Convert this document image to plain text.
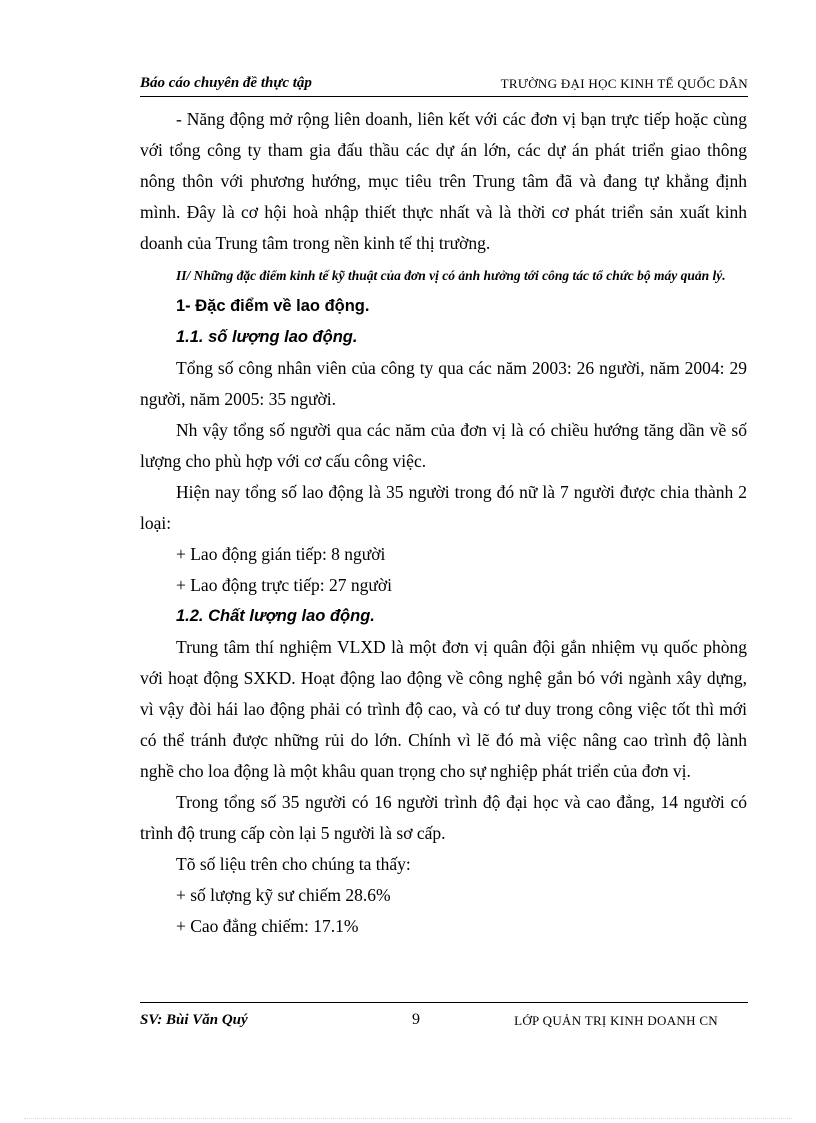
Báo cáo chuyên đề thực tập	TRƯỜNG ĐẠI HỌC KINH TẾ QUỐC DÂN

- Năng động mở rộng liên doanh, liên kết với các đơn vị bạn trực tiếp hoặc cùng với tổng công ty tham gia đấu thầu các dự án lớn, các dự án phát triển giao thông nông thôn với phương hướng, mục tiêu trên Trung tâm đã và đang tự khẳng định mình. Đây là cơ hội hoà nhập thiết thực nhất và là thời cơ phát triển sản xuất kinh doanh của Trung tâm trong nền kinh tế thị trường.

II/ Những đặc điểm kinh tế kỹ thuật của đơn vị có ảnh hưởng tới công tác tổ chức bộ máy quản lý.

1- Đặc điểm về lao động.

1.1. số lượng lao động.

Tổng số công nhân viên của công ty qua các năm 2003: 26 người, năm 2004: 29 người, năm 2005: 35 người.

Nh vậy tổng số người qua các năm của đơn vị là có chiều hướng tăng dần về số lượng cho phù hợp với cơ cấu công việc.

Hiện nay tổng số lao động là 35 người trong đó nữ là 7 người được chia thành 2 loại:

+ Lao động gián tiếp: 8 người

+ Lao động trực tiếp: 27 người

1.2. Chất lượng lao động.

Trung tâm thí nghiệm VLXD là một đơn vị quân đội gắn nhiệm vụ quốc phòng với hoạt động SXKD. Hoạt động lao động về công nghệ gắn bó với ngành xây dựng, vì vậy đòi hái lao động phải có trình độ cao, và có tư duy trong công việc tốt thì mới có thể tránh được những rủi do lớn. Chính vì lẽ đó mà việc nâng cao trình độ lành nghề cho loa động là một khâu quan trọng cho sự nghiệp phát triển của đơn vị.

Trong tổng số 35 người có 16 người trình độ đại học và cao đẳng, 14 người có trình độ trung cấp còn lại 5 người là sơ cấp.

Tõ số liệu trên cho chúng ta thấy:

+ số lượng kỹ sư chiếm 28.6%

+ Cao đẳng chiếm: 17.1%

SV: Bùi Văn Quý	9	LỚP QUẢN TRỊ KINH DOANH CN
